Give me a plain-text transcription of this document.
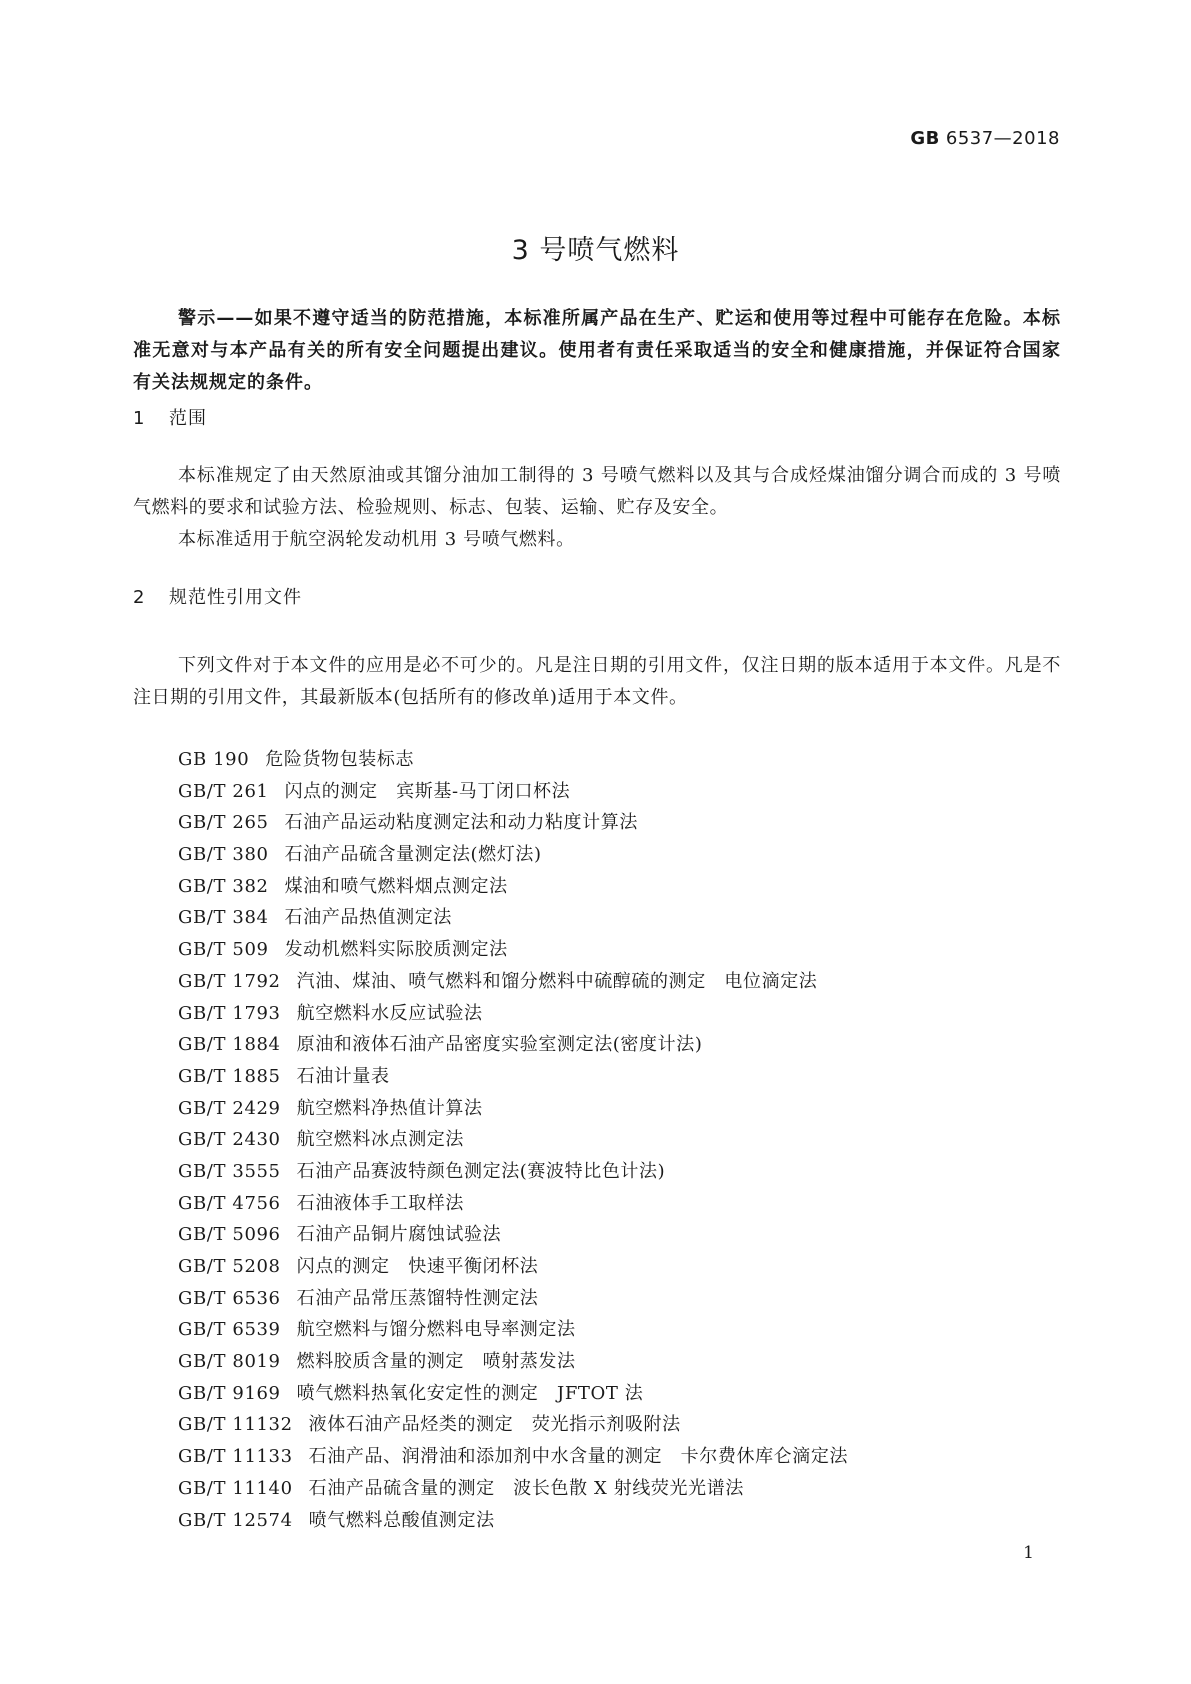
GB 6537—2018
3 号喷气燃料
警示——如果不遵守适当的防范措施，本标准所属产品在生产、贮运和使用等过程中可能存在危险。本标准无意对与本产品有关的所有安全问题提出建议。使用者有责任采取适当的安全和健康措施，并保证符合国家有关法规规定的条件。
1 范围

本标准规定了由天然原油或其馏分油加工制得的 3 号喷气燃料以及其与合成烃煤油馏分调合而成的 3 号喷气燃料的要求和试验方法、检验规则、标志、包装、运输、贮存及安全。

本标准适用于航空涡轮发动机用 3 号喷气燃料。

2 规范性引用文件

下列文件对于本文件的应用是必不可少的。凡是注日期的引用文件，仅注日期的版本适用于本文件。凡是不注日期的引用文件，其最新版本(包括所有的修改单)适用于本文件。

GB 190 危险货物包装标志
GB/T 261 闪点的测定　宾斯基-马丁闭口杯法
GB/T 265 石油产品运动粘度测定法和动力粘度计算法
GB/T 380 石油产品硫含量测定法(燃灯法)
GB/T 382 煤油和喷气燃料烟点测定法
GB/T 384 石油产品热值测定法
GB/T 509 发动机燃料实际胶质测定法
GB/T 1792 汽油、煤油、喷气燃料和馏分燃料中硫醇硫的测定　电位滴定法
GB/T 1793 航空燃料水反应试验法
GB/T 1884 原油和液体石油产品密度实验室测定法(密度计法)
GB/T 1885 石油计量表
GB/T 2429 航空燃料净热值计算法
GB/T 2430 航空燃料冰点测定法
GB/T 3555 石油产品赛波特颜色测定法(赛波特比色计法)
GB/T 4756 石油液体手工取样法
GB/T 5096 石油产品铜片腐蚀试验法
GB/T 5208 闪点的测定　快速平衡闭杯法
GB/T 6536 石油产品常压蒸馏特性测定法
GB/T 6539 航空燃料与馏分燃料电导率测定法
GB/T 8019 燃料胶质含量的测定　喷射蒸发法
GB/T 9169 喷气燃料热氧化安定性的测定　JFTOT 法
GB/T 11132 液体石油产品烃类的测定　荧光指示剂吸附法
GB/T 11133 石油产品、润滑油和添加剂中水含量的测定　卡尔费休库仑滴定法
GB/T 11140 石油产品硫含量的测定　波长色散 X 射线荧光光谱法
GB/T 12574 喷气燃料总酸值测定法
1
